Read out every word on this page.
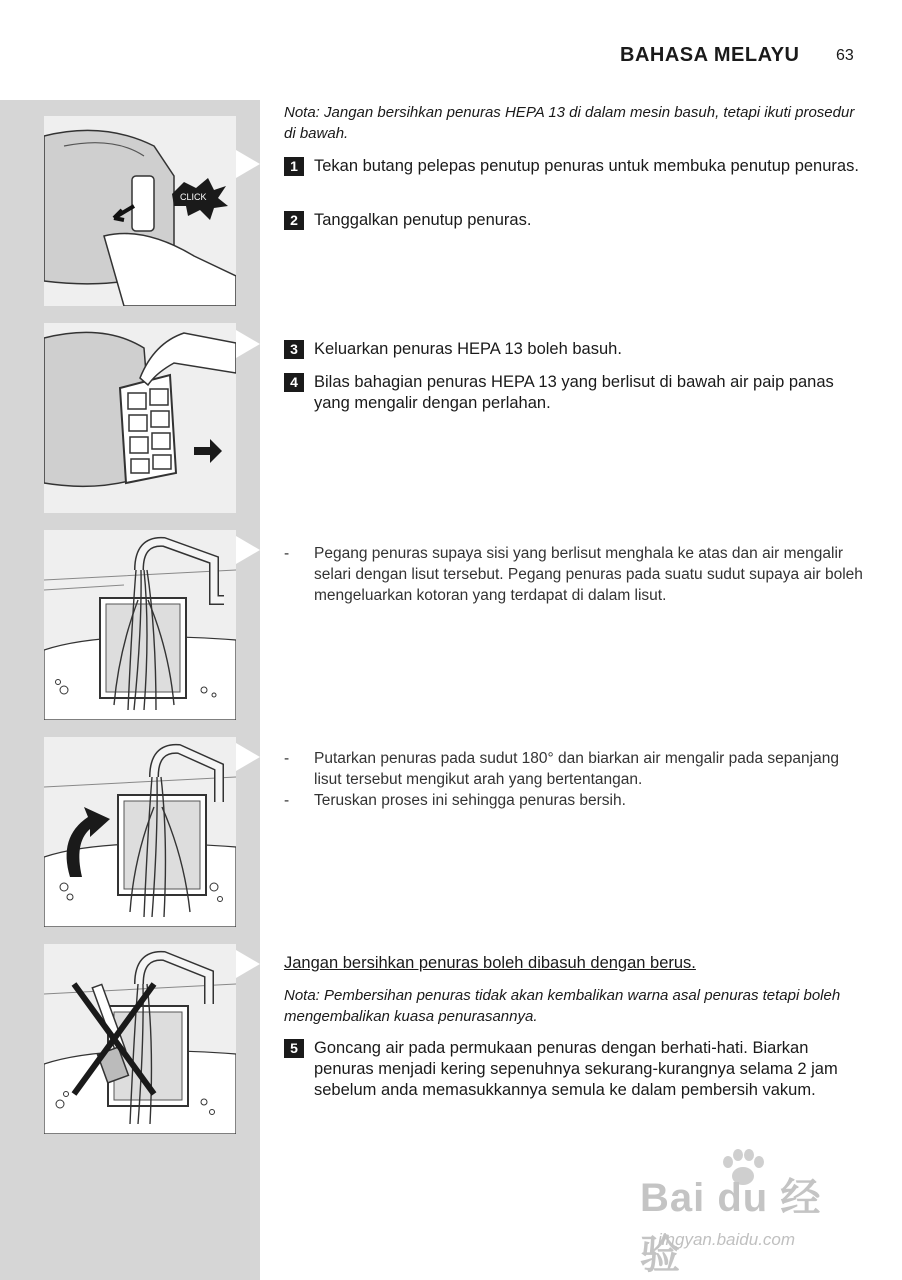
BAHASA MELAYU 63
CLICK
Nota: Jangan bersihkan penuras HEPA 13 di dalam mesin basuh, tetapi ikuti prosedur di bawah.
1 Tekan butang pelepas penutup penuras untuk membuka penutup penuras.
2 Tanggalkan penutup penuras.
3 Keluarkan penuras HEPA 13 boleh basuh.
4 Bilas bahagian penuras HEPA 13 yang berlisut di bawah air paip panas yang mengalir dengan perlahan.
- Pegang penuras supaya sisi yang berlisut menghala ke atas dan air mengalir selari dengan lisut tersebut. Pegang penuras pada suatu sudut supaya air boleh mengeluarkan kotoran yang terdapat di dalam lisut.
- Putarkan penuras pada sudut 180° dan biarkan air mengalir pada sepanjang lisut tersebut mengikut arah yang bertentangan.
- Teruskan proses ini sehingga penuras bersih.
Jangan bersihkan penuras boleh dibasuh dengan berus.
Nota: Pembersihan penuras tidak akan kembalikan warna asal penuras tetapi boleh mengembalikan kuasa penurasannya.
5 Goncang air pada permukaan penuras dengan berhati-hati. Biarkan penuras menjadi kering sepenuhnya sekurang-kurangnya selama 2 jam sebelum anda memasukkannya semula ke dalam pembersih vakum.
Bai du 经验
jingyan.baidu.com
